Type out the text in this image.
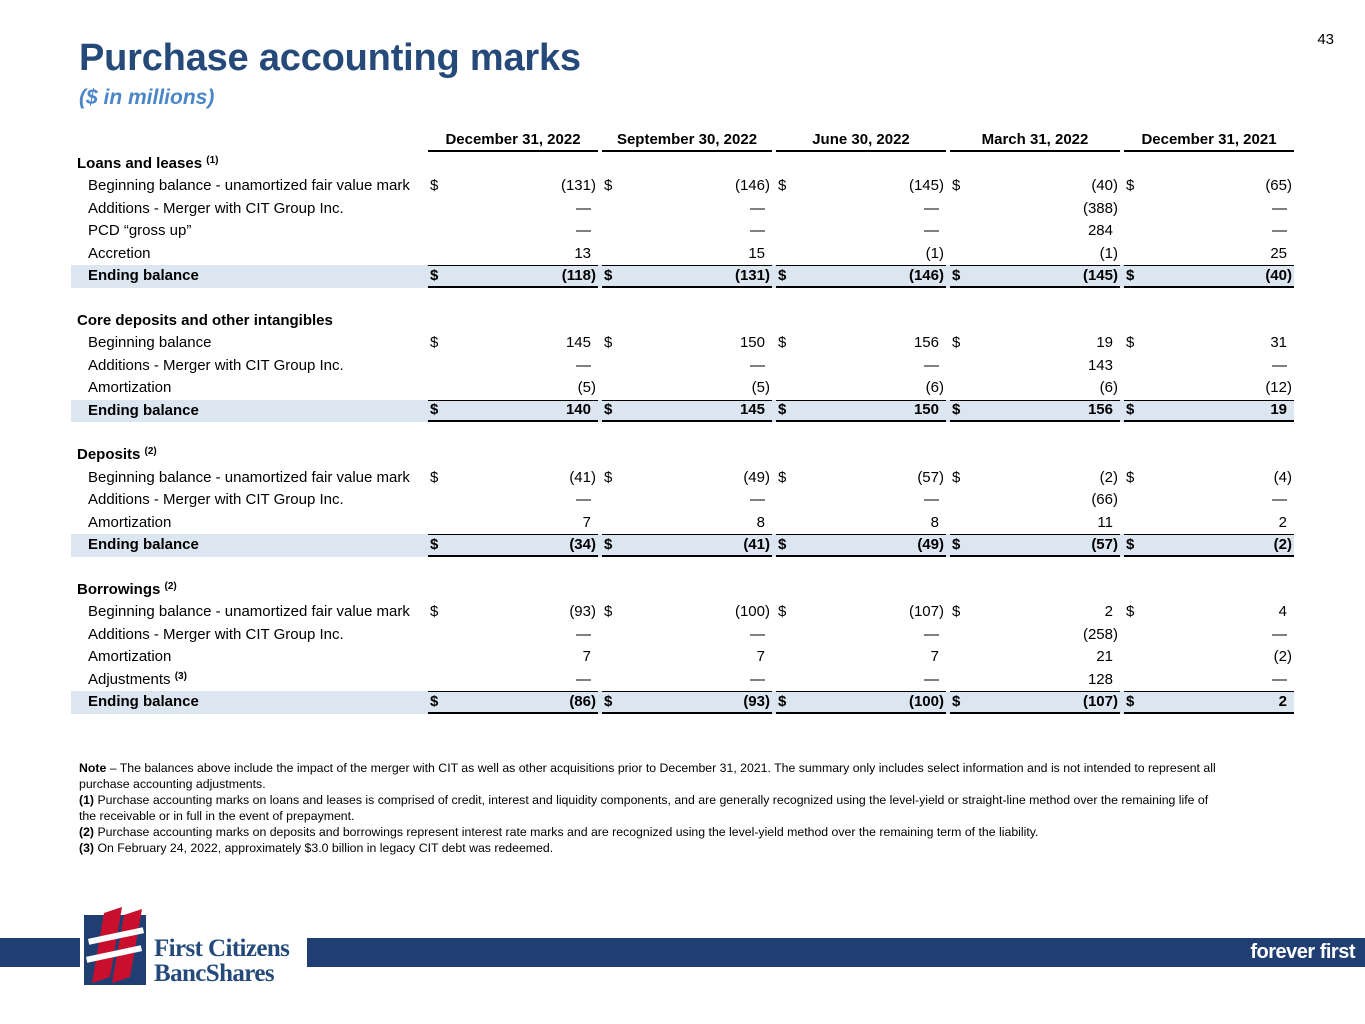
43
Purchase accounting marks
($ in millions)

	December 31, 2022		September 30, 2022		June 30, 2022		March 31, 2022		December 31, 2021

Loans and leases $^{(1)}$
Beginning balance - unamortized fair value mark	$ (131)		$ (146)		$ (145)		$ (40)		$ (65)

Additions - Merger with CIT Group Inc.	—		—		—		(388)		—

PCD “gross up”	—		—		—		284		—

Accretion	13		15		(1)		(1)		25

Ending balance	$ (118)		$ (131)		$ (146)		$ (145)		$ (40)

Core deposits and other intangibles									
Beginning balance	$ 145		$ 150		$ 156		$ 19		$ 31

Additions - Merger with CIT Group Inc.	—		—		—		143		—

Amortization	(5)		(5)		(6)		(6)		(12)

Ending balance	$ 140		$ 145		$ 150		$ 156		$ 19

Deposits $^{(2)}$
Beginning balance - unamortized fair value mark	$ (41)		$ (49)		$ (57)		$ (2)		$ (4)

Additions - Merger with CIT Group Inc.	—		—		—		(66)		—

Amortization	7		8		8		11		2

Ending balance	$ (34)		$ (41)		$ (49)		$ (57)		$ (2)

Borrowings $^{(2)}$
Beginning balance - unamortized fair value mark	$ (93)		$ (100)		$ (107)		$ 2		$ 4

Additions - Merger with CIT Group Inc.	—		—		—		(258)		—

Amortization	7		7		7		21		(2)

Adjustments $^{(3)}$	—		—		—		128		—

Ending balance	$ (86)		$ (93)		$ (100)		$ (107)		$ 2

Note – The balances above include the impact of the merger with CIT as well as other acquisitions prior to December 31, 2021. The summary only includes select information and is not intended to represent all purchase accounting adjustments.

(1) Purchase accounting marks on loans and leases is comprised of credit, interest and liquidity components, and are generally recognized using the level-yield or straight-line method over the remaining life of the receivable or in full in the event of prepayment.

(2) Purchase accounting marks on deposits and borrowings represent interest rate marks and are recognized using the level-yield method over the remaining term of the liability.

(3) On February 24, 2022, approximately $3.0 billion in legacy CIT debt was redeemed.

First Citizens
BancShares
forever first
